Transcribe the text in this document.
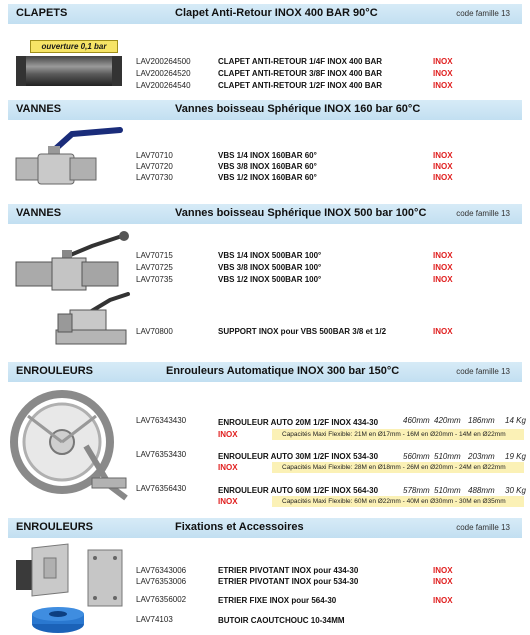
CLAPETS	Clapet Anti-Retour INOX 400 BAR 90°C	code famille 13
ouverture 0,1 bar
LAV200264500	CLAPET ANTI-RETOUR 1/4F INOX 400 BAR	INOX
LAV200264520	CLAPET ANTI-RETOUR 3/8F INOX 400 BAR	INOX
LAV200264540	CLAPET ANTI-RETOUR 1/2F INOX 400 BAR	INOX
VANNES	Vannes boisseau Sphérique INOX 160 bar 60°C
LAV70710	VBS 1/4 INOX 160BAR 60°	INOX
LAV70720	VBS 3/8 INOX 160BAR 60°	INOX
LAV70730	VBS 1/2 INOX 160BAR 60°	INOX
VANNES	Vannes boisseau Sphérique INOX 500 bar 100°C	code famille 13
LAV70715	VBS 1/4 INOX 500BAR 100°	INOX
LAV70725	VBS 3/8 INOX 500BAR 100°	INOX
LAV70735	VBS 1/2 INOX 500BAR 100°	INOX
LAV70800	SUPPORT INOX pour VBS 500BAR 3/8 et 1/2	INOX
ENROULEURS	Enrouleurs Automatique INOX 300 bar 150°C	code famille 13
LAV76343430	ENROULEUR AUTO 20M 1/2F INOX 434-30	460mm 420mm 186mm 14 Kg
INOX	Capacités Maxi Flexible: 21M en Ø17mm - 16M en Ø20mm - 14M en Ø22mm
LAV76353430	ENROULEUR AUTO 30M 1/2F INOX 534-30	560mm 510mm 203mm 19 Kg
INOX	Capacités Maxi Flexible: 28M en Ø18mm - 26M en Ø20mm - 24M en Ø22mm
LAV76356430	ENROULEUR AUTO 60M 1/2F INOX 564-30	578mm 510mm 488mm 30 Kg
INOX	Capacités Maxi Flexible: 60M en Ø22mm - 40M en Ø30mm - 30M en Ø35mm
ENROULEURS	Fixations et Accessoires	code famille 13
LAV76343006	ETRIER PIVOTANT INOX pour 434-30	INOX
LAV76353006	ETRIER PIVOTANT INOX pour 534-30	INOX
LAV76356002	ETRIER FIXE INOX pour 564-30	INOX
LAV74103	BUTOIR CAOUTCHOUC 10-34MM
